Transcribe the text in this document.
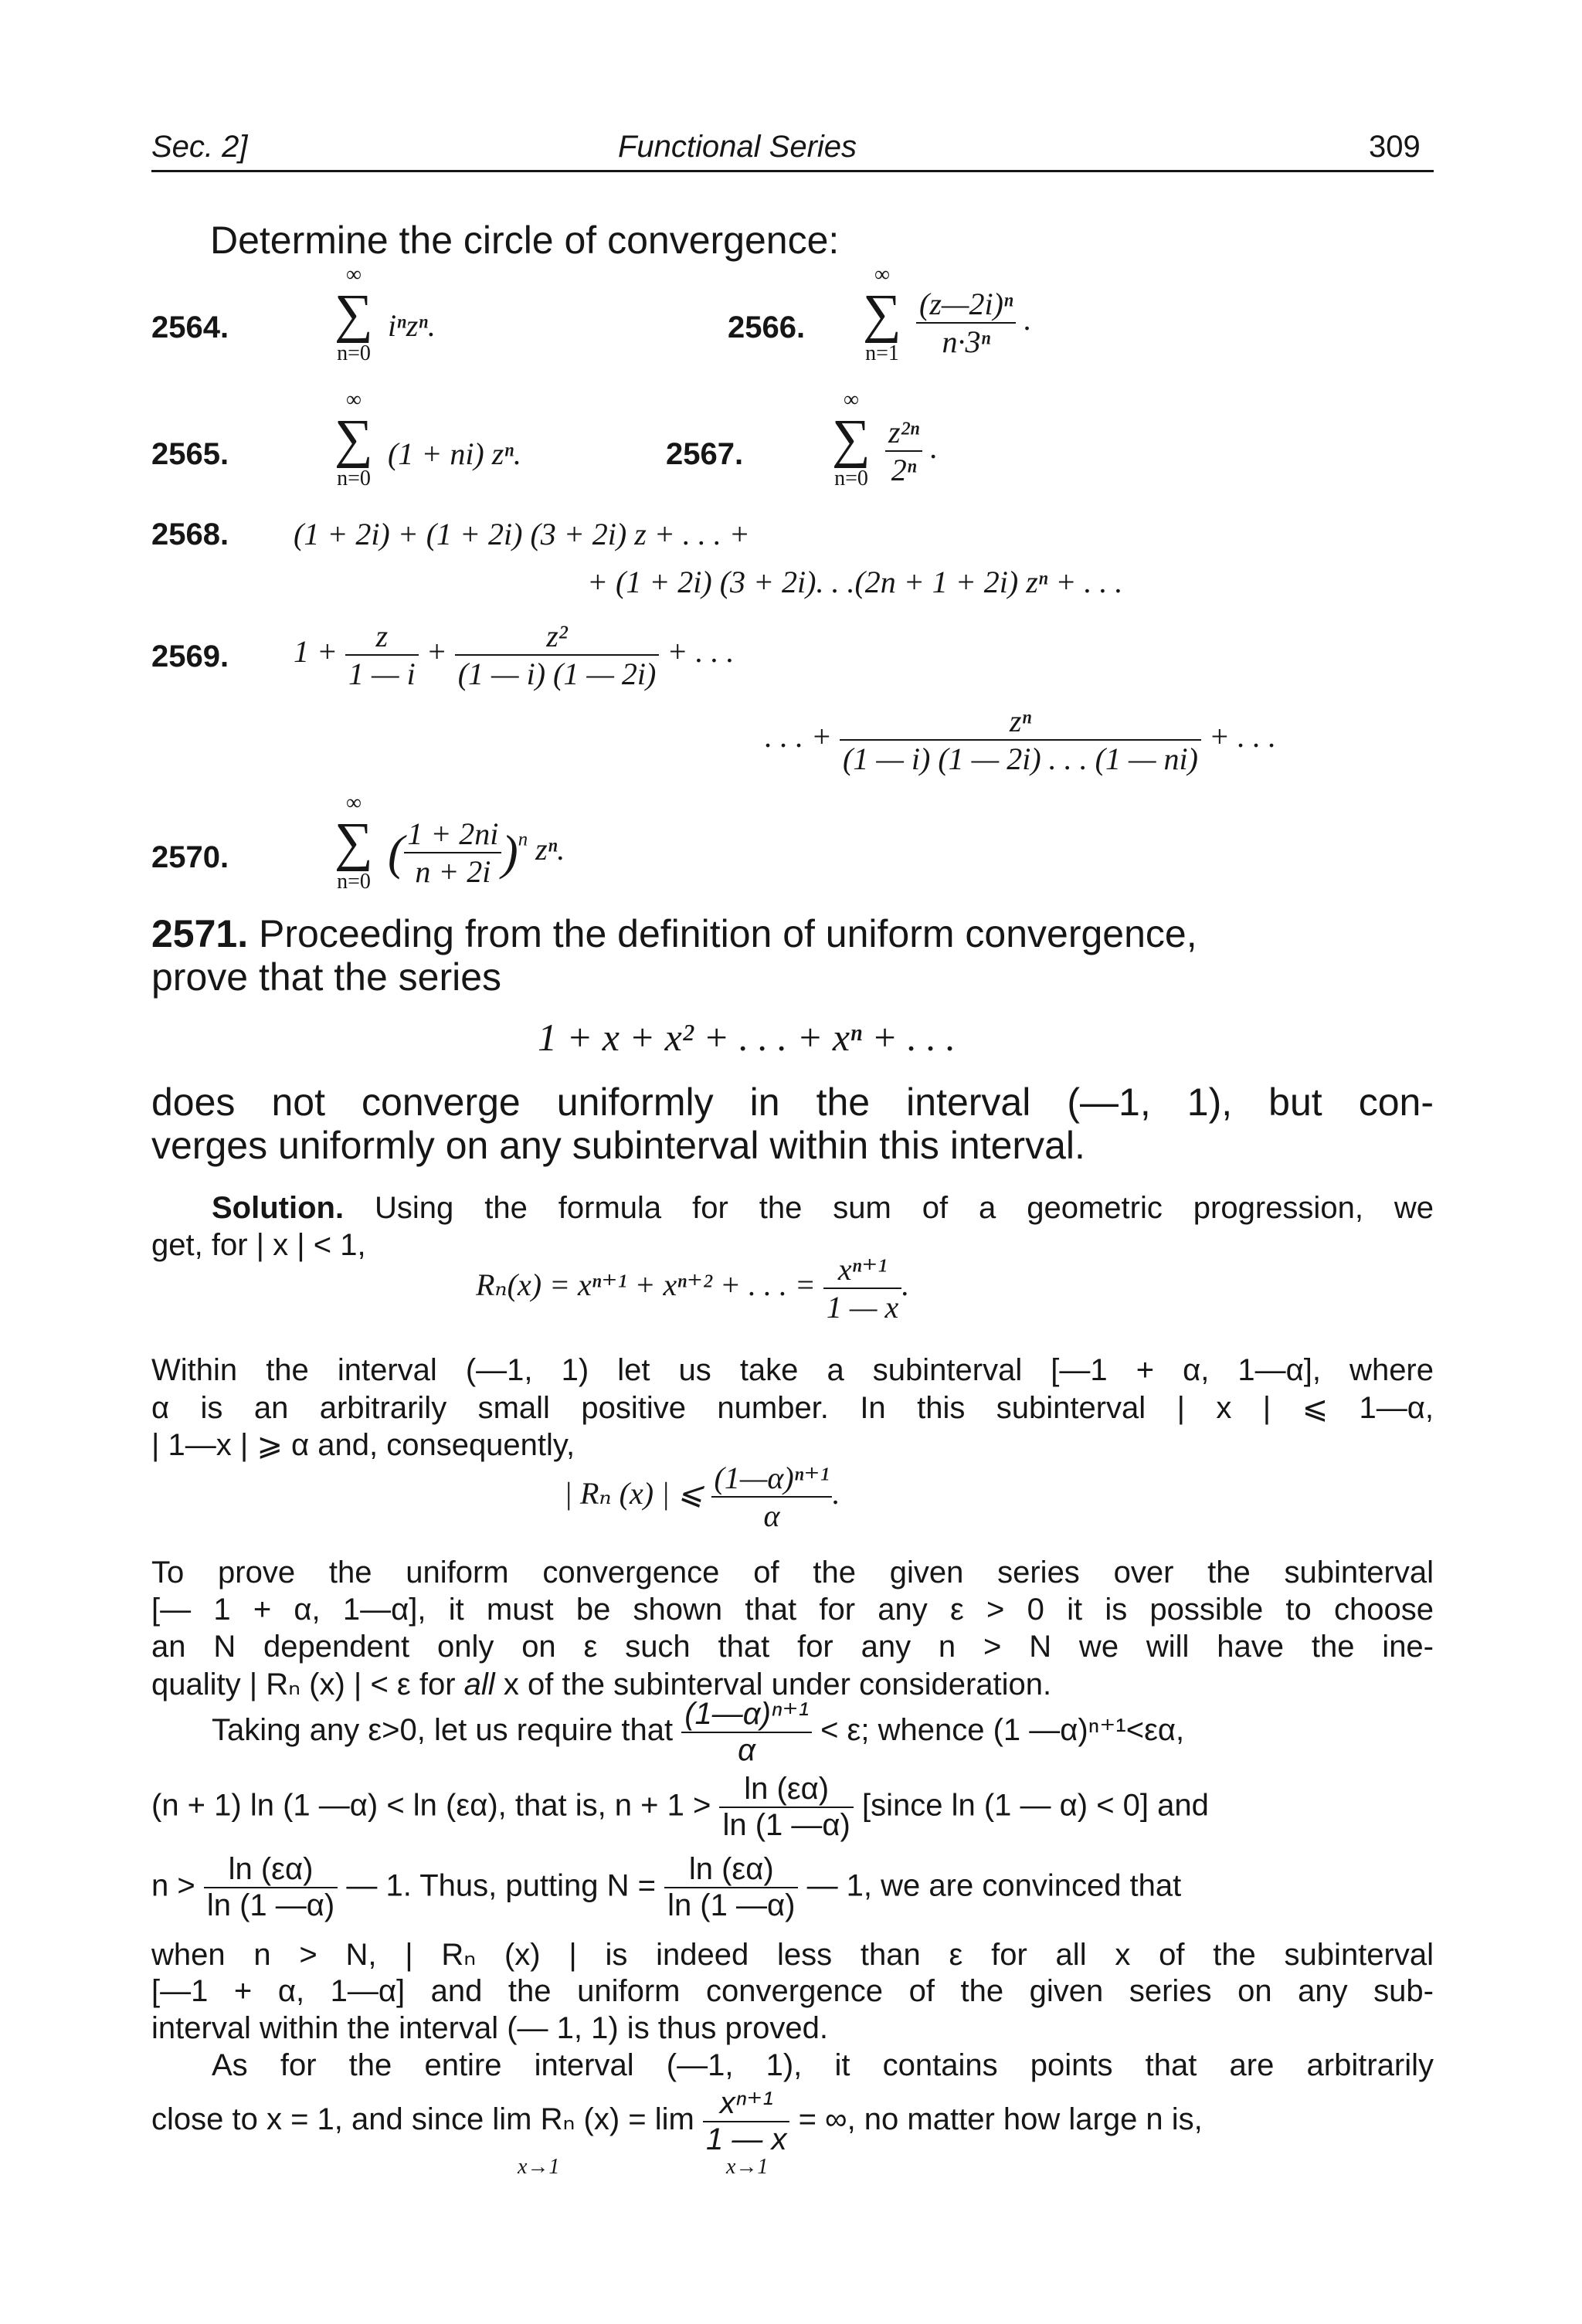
Sec. 2]	Functional Series	309
Determine the circle of convergence:
2564.
∞
∑
n=0
iⁿzⁿ.	2566.
∞
∑
$n=1 \frac{\text{(z—2i)ⁿ}}{\text{n·3ⁿ}}$ .
2565.
∞
∑
n=0
(1 + ni) zⁿ.	2567.
∞
∑
$n=0 \frac{\text{z²ⁿ}}{\text{2ⁿ}}$ .
2568. (1 + 2i) + (1 + 2i) (3 + 2i) z + . . . +
+ (1 + 2i) (3 + 2i). . .(2n + 1 + 2i) zⁿ + . . .
2569. $1 + \frac{z}{1 — i} + \frac{\text{z²}}{(1 — i) (1 — 2i)}$ + . . .
. . . + $\frac{\text{zⁿ}}{(1 — i) (1 — 2i) . . . (1 — ni)}$ + . . .
2570.
∞
∑
n=0
( $\frac{1 + 2ni}{n + 2i} )^n$ zⁿ.
2571. Proceeding from the definition of uniform convergence,
prove that the series
1 + x + x² + . . . + xⁿ + . . .
does not converge uniformly in the interval (—1, 1), but con-
verges uniformly on any subinterval within this interval.
Solution. Using the formula for the sum of a geometric progression, we
get, for | x | < 1,
Rₙ(x) = xⁿ⁺¹ + xⁿ⁺² + . . . = $\frac{\text{xⁿ⁺¹}}{1 — x}$ .
Within the interval (—1, 1) let us take a subinterval [—1 + α, 1—α], where
α is an arbitrarily small positive number. In this subinterval | x | ⩽ 1—α,
| 1—x | ⩾ α and, consequently,
| Rₙ (x) | ⩽ $\frac{\text{(1—α)ⁿ⁺¹}}{\alpha}$ .
To prove the uniform convergence of the given series over the subinterval
[— 1 + α, 1—α], it must be shown that for any ε > 0 it is possible to choose
an N dependent only on ε such that for any n > N we will have the ine-
quality | Rₙ (x) | < ε for all x of the subinterval under consideration.
Taking any ε>0, let us require that $\frac{\text{(1—α)ⁿ⁺¹}}{\alpha} < \varepsilon$; whence (1 —α)ⁿ⁺¹<εα,
(n + 1) ln (1 —α) < ln (εα), that is, $n + 1 > \frac{\ln (\varepsilon\alpha)}{\ln (1 —\alpha)}$ [since ln (1 — α) < 0] and
$n > \frac{\ln (\varepsilon\alpha)}{\ln (1 —\alpha)}$ — 1. Thus, putting $N = \frac{\ln (\varepsilon\alpha)}{\ln (1 —\alpha)}$ — 1, we are convinced that
when n > N, | Rₙ (x) | is indeed less than ε for all x of the subinterval
[—1 + α, 1—α] and the uniform convergence of the given series on any sub-
interval within the interval (— 1, 1) is thus proved.
As for the entire interval (—1, 1), it contains points that are arbitrarily
close to x = 1, and since lim Rₙ $(x) = \lim \frac{\text{xⁿ⁺¹}}{1 — x}$ = ∞, no matter how large n is,
x→1	x→1
